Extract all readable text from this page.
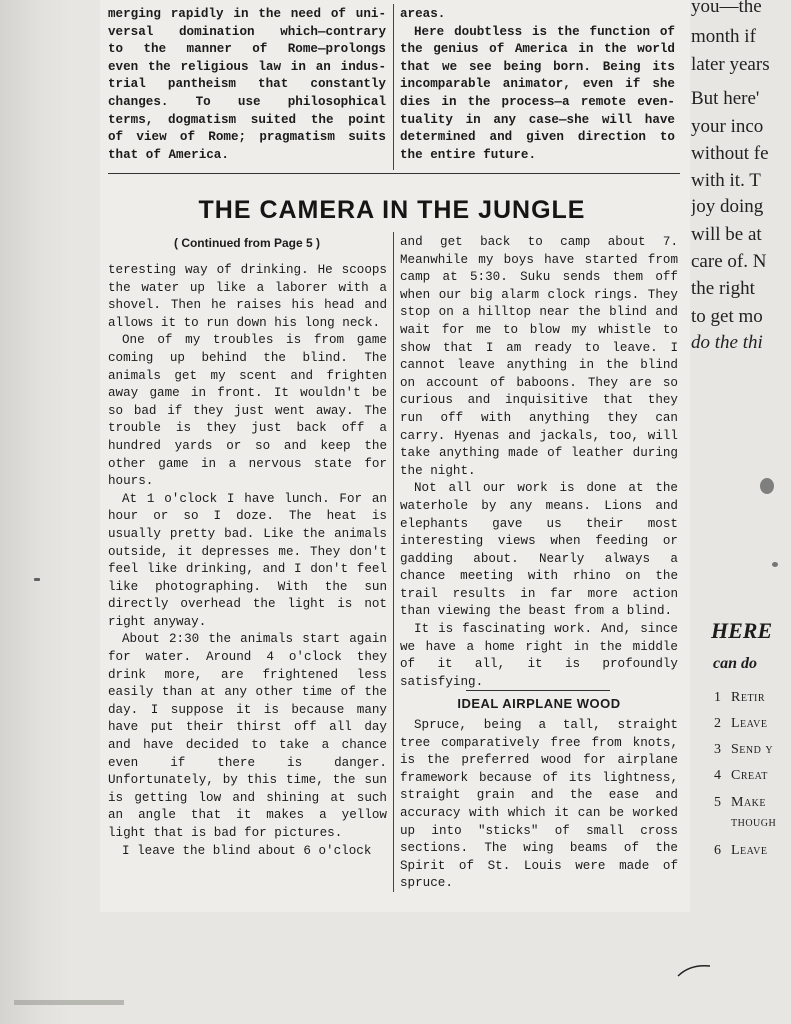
merging rapidly in the need of uni-
versal domination which—contrary
to the manner of Rome—prolongs
even the religious law in an indus-
trial pantheism that constantly
changes. To use philosophical
terms, dogmatism suited the point
of view of Rome; pragmatism suits
that of America.
areas.
Here doubtless is the function of
the genius of America in the world
that we see being born. Being its
incomparable animator, even if she
dies in the process—a remote even-
tuality in any case—she will have
determined and given direction to
the entire future.
THE CAMERA IN THE JUNGLE
( Continued from Page 5 )

teresting way of drinking. He scoops the water up like a laborer with a shovel. Then he raises his head and allows it to run down his long neck.

One of my troubles is from game coming up behind the blind. The animals get my scent and frighten away game in front. It wouldn't be so bad if they just went away. The trouble is they just back off a hundred yards or so and keep the other game in a nervous state for hours.

At 1 o'clock I have lunch. For an hour or so I doze. The heat is usually pretty bad. Like the animals outside, it depresses me. They don't feel like drinking, and I don't feel like photographing. With the sun directly overhead the light is not right anyway.

About 2:30 the animals start again for water. Around 4 o'clock they drink more, are frightened less easily than at any other time of the day. I suppose it is because many have put their thirst off all day and have decided to take a chance even if there is danger. Unfortunately, by this time, the sun is getting low and shining at such an angle that it makes a yellow light that is bad for pictures.

I leave the blind about 6 o'clock

and get back to camp about 7. Meanwhile my boys have started from camp at 5:30. Suku sends them off when our big alarm clock rings. They stop on a hilltop near the blind and wait for me to blow my whistle to show that I am ready to leave. I cannot leave anything in the blind on account of baboons. They are so curious and inquisitive that they run off with anything they can carry. Hyenas and jackals, too, will take anything made of leather during the night.

Not all our work is done at the waterhole by any means. Lions and elephants gave us their most interesting views when feeding or gadding about. Nearly always a chance meeting with rhino on the trail results in far more action than viewing the beast from a blind.

It is fascinating work. And, since we have a home right in the middle of it all, it is profoundly satisfying.

IDEAL AIRPLANE WOOD

Spruce, being a tall, straight tree comparatively free from knots, is the preferred wood for airplane framework because of its lightness, straight grain and the ease and accuracy with which it can be worked up into "sticks" of small cross sections. The wing beams of the Spirit of St. Louis were made of spruce.

you—the
month if
later years
But here'
your inco
without fe
with it. T
joy doing
will be at
care of. N
the right
to get mo
do the thi
HERE
can do
1 Retir
2 Leave
3 Send y
4 Creat
5 Make
though
6 Leave
